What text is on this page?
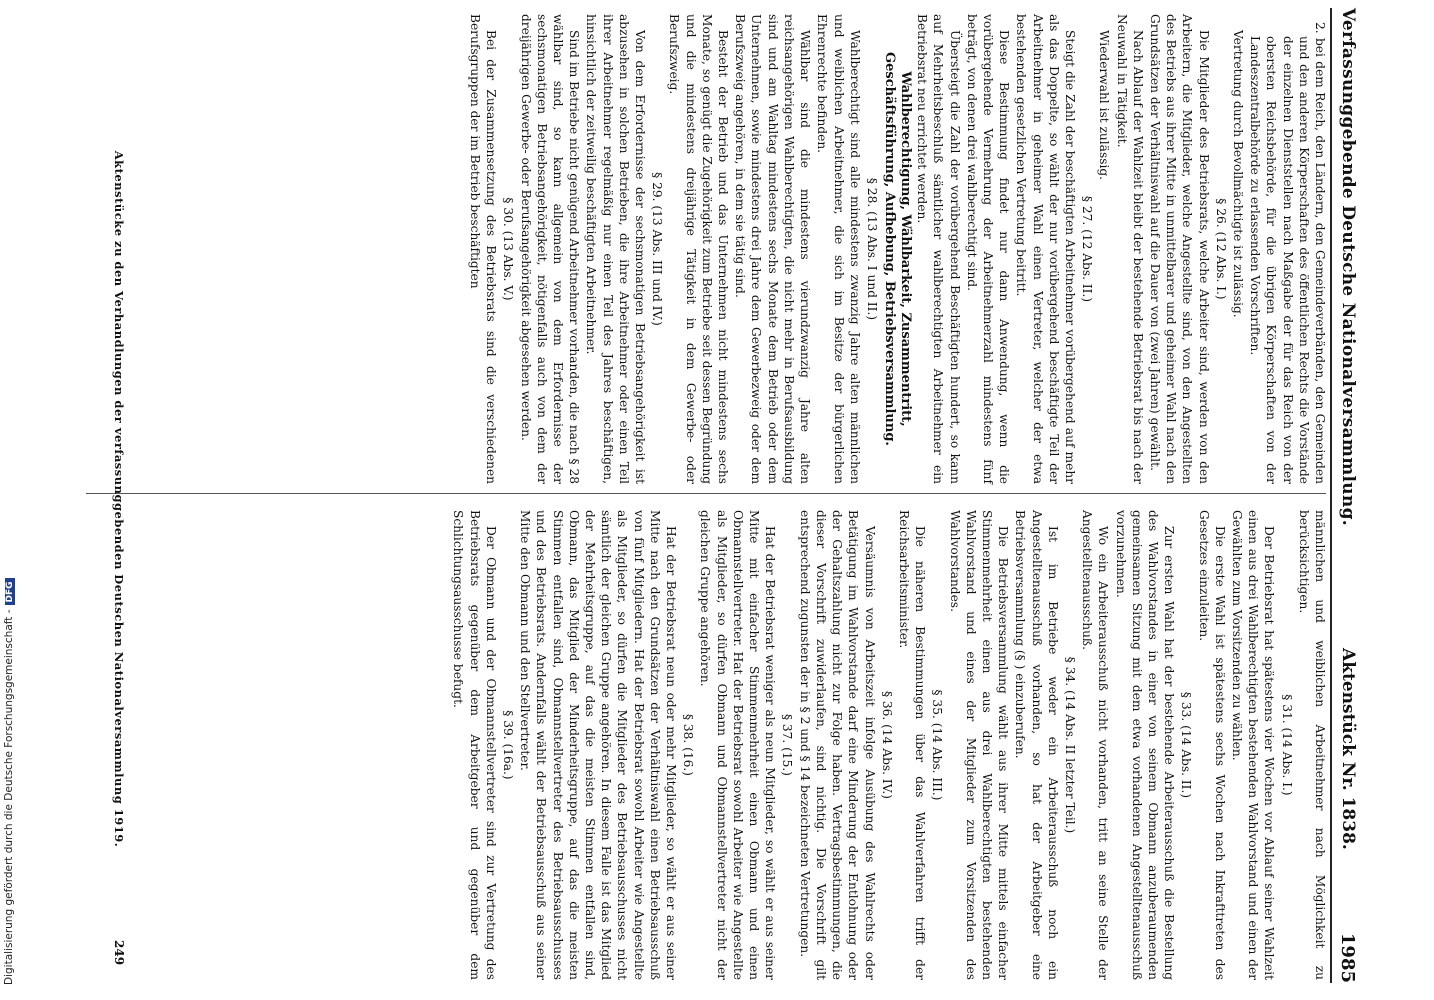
Digitalisierung gefördert durch die Deutsche Forschungsgemeinschaft -DFG
Verfassunggebende Deutsche Nationalversammlung.
Aktenstück Nr. 1838.
1985

2. bei dem Reich, den Ländern, den Gemeindeverbänden, den Gemeinden und den anderen Körperschaften des öffentlichen Rechts die Vorstände der einzelnen Dienststellen nach Maßgabe der für das Reich von der obersten Reichsbehörde, für die übrigen Körperschaften von der Landeszentralbehörde zu erlassenden Vorschriften.

Vertretung durch Bevollmächtigte ist zulässig.

§ 26. (12 Abs. I.)

Die Mitglieder des Betriebsrats, welche Arbeiter sind, werden von den Arbeitern, die Mitglieder, welche Angestellte sind, von den Angestellten des Betriebs aus ihrer Mitte in unmittelbarer und geheimer Wahl nach den Grundsätzen der Verhältniswahl auf die Dauer von (zwei Jahren) gewählt.

Nach Ablauf der Wahlzeit bleibt der bestehende Betriebsrat bis nach der Neuwahl in Tätigkeit.

Wiederwahl ist zulässig.

§ 27. (12 Abs. II.)

Steigt die Zahl der beschäftigten Arbeitnehmer vorübergehend auf mehr als das Doppelte, so wählt der nur vorübergehend beschäftigte Teil der Arbeitnehmer in geheimer Wahl einen Vertreter, welcher der etwa bestehenden gesetzlichen Vertretung beitritt.

Diese Bestimmung findet nur dann Anwendung, wenn die vorübergehende Vermehrung der Arbeitnehmerzahl mindestens fünf beträgt, von denen drei wahlberechtigt sind.

Übersteigt die Zahl der vorübergehend Beschäftigten hundert, so kann auf Mehrheitsbeschluß sämtlicher wahlberechtigten Arbeitnehmer ein Betriebsrat neu errichtet werden.

Wahlberechtigung, Wählbarkeit, Zusammentritt, Geschäftsführung, Aufhebung, Betriebsversammlung.

§ 28. (13 Abs. I und II.)

Wahlberechtigt sind alle mindestens zwanzig Jahre alten männlichen und weiblichen Arbeitnehmer, die sich im Besitze der bürgerlichen Ehrenrechte befinden.

Wählbar sind die mindestens vierundzwanzig Jahre alten reichsangehörigen Wahlberechtigten, die nicht mehr in Berufsausbildung sind und am Wahltag mindestens sechs Monate dem Betrieb oder dem Unternehmen, sowie mindestens drei Jahre dem Gewerbezweig oder dem Berufszweig angehören, in dem sie tätig sind.

Besteht der Betrieb und das Unternehmen nicht mindestens sechs Monate, so genügt die Zugehörigkeit zum Betriebe seit dessen Begründung und die mindestens dreijährige Tätigkeit in dem Gewerbe- oder Berufszweig.

§ 29. (13 Abs. III und IV.)

Von dem Erfordernisse der sechsmonatigen Betriebsangehörigkeit ist abzusehen in solchen Betrieben, die ihre Arbeitnehmer oder einen Teil ihrer Arbeitnehmer regelmäßig nur einen Teil des Jahres beschäftigen, hinsichtlich der zeitweilig beschäftigten Arbeitnehmer.

Sind im Betriebe nicht genügend Arbeitnehmer vorhanden, die nach § 28 wählbar sind, so kann allgemein von dem Erfordernisse der sechsmonatigen Betriebsangehörigkeit, nötigenfalls auch von dem der dreijährigen Gewerbe- oder Berufsangehörigkeit abgesehen werden.

§ 30. (13 Abs. V.)

Bei der Zusammensetzung des Betriebsrats sind die verschiedenen Berufsgruppen der im Betrieb beschäftigten

männlichen und weiblichen Arbeitnehmer nach Möglichkeit zu berücksichtigen.

§ 31. (14 Abs. I.)

Der Betriebsrat hat spätestens vier Wochen vor Ablauf seiner Wahlzeit einen aus drei Wahlberechtigten bestehenden Wahlvorstand und einen der Gewählten zum Vorsitzenden zu wählen.

Die erste Wahl ist spätestens sechs Wochen nach Inkrafttreten des Gesetzes einzuleiten.

§ 33. (14 Abs. II.)

Zur ersten Wahl hat der bestehende Arbeiterausschuß die Bestellung des Wahlvorstandes in einer von seinem Obmann anzuberaumenden gemeinsamen Sitzung mit dem etwa vorhandenen Angestelltenausschuß vorzunehmen.

Wo ein Arbeiterausschuß nicht vorhanden, tritt an seine Stelle der Angestelltenausschuß.

§ 34. (14 Abs. II letzter Teil.)

Ist im Betriebe weder ein Arbeiterausschuß noch ein Angestelltenausschuß vorhanden, so hat der Arbeitgeber eine Betriebsversammlung (§ ) einzuberufen.

Die Betriebsversammlung wählt aus ihrer Mitte mittels einfacher Stimmenmehrheit einen aus drei Wahlberechtigten bestehenden Wahlvorstand und eines der Mitglieder zum Vorsitzenden des Wahlvorstandes.

§ 35. (14 Abs. III.)

Die näheren Bestimmungen über das Wahlverfahren trifft der Reichsarbeitsminister.

§ 36. (14 Abs. IV.)

Versäumnis von Arbeitszeit infolge Ausübung des Wahlrechts oder Betätigung im Wahlvorstande darf eine Minderung der Entlohnung oder der Gehaltszahlung nicht zur Folge haben. Vertragsbestimmungen, die dieser Vorschrift zuwiderlaufen, sind nichtig. Die Vorschrift gilt entsprechend zugunsten der in § 2 und § 14 bezeichneten Vertretungen.

§ 37. (15.)

Hat der Betriebsrat weniger als neun Mitglieder, so wählt er aus seiner Mitte mit einfacher Stimmenmehrheit einen Obmann und einen Obmannstellvertreter. Hat der Betriebsrat sowohl Arbeiter wie Angestellte als Mitglieder, so dürfen Obmann und Obmannstellvertreter nicht der gleichen Gruppe angehören.

§ 38. (16.)

Hat der Betriebsrat neun oder mehr Mitglieder, so wählt er aus seiner Mitte nach den Grundsätzen der Verhältniswahl einen Betriebsausschuß von fünf Mitgliedern. Hat der Betriebsrat sowohl Arbeiter wie Angestellte als Mitglieder, so dürfen die Mitglieder des Betriebsausschusses nicht sämtlich der gleichen Gruppe angehören. In diesem Falle ist das Mitglied der Mehrheitsgruppe, auf das die meisten Stimmen entfallen sind, Obmann, das Mitglied der Minderheitsgruppe, auf das die meisten Stimmen entfallen sind, Obmannstellvertreter des Betriebsausschusses und des Betriebsrats. Andernfalls wählt der Betriebsausschuß aus seiner Mitte den Obmann und den Stellvertreter.

§ 39. (16a.)

Der Obmann und der Obmannstellvertreter sind zur Vertretung des Betriebsrats gegenüber dem Arbeitgeber und gegenüber dem Schlichtungsausschusse befugt.

Aktenstücke zu den Verhandlungen der verfassunggebenden Deutschen Nationalversammlung 1919.
249
